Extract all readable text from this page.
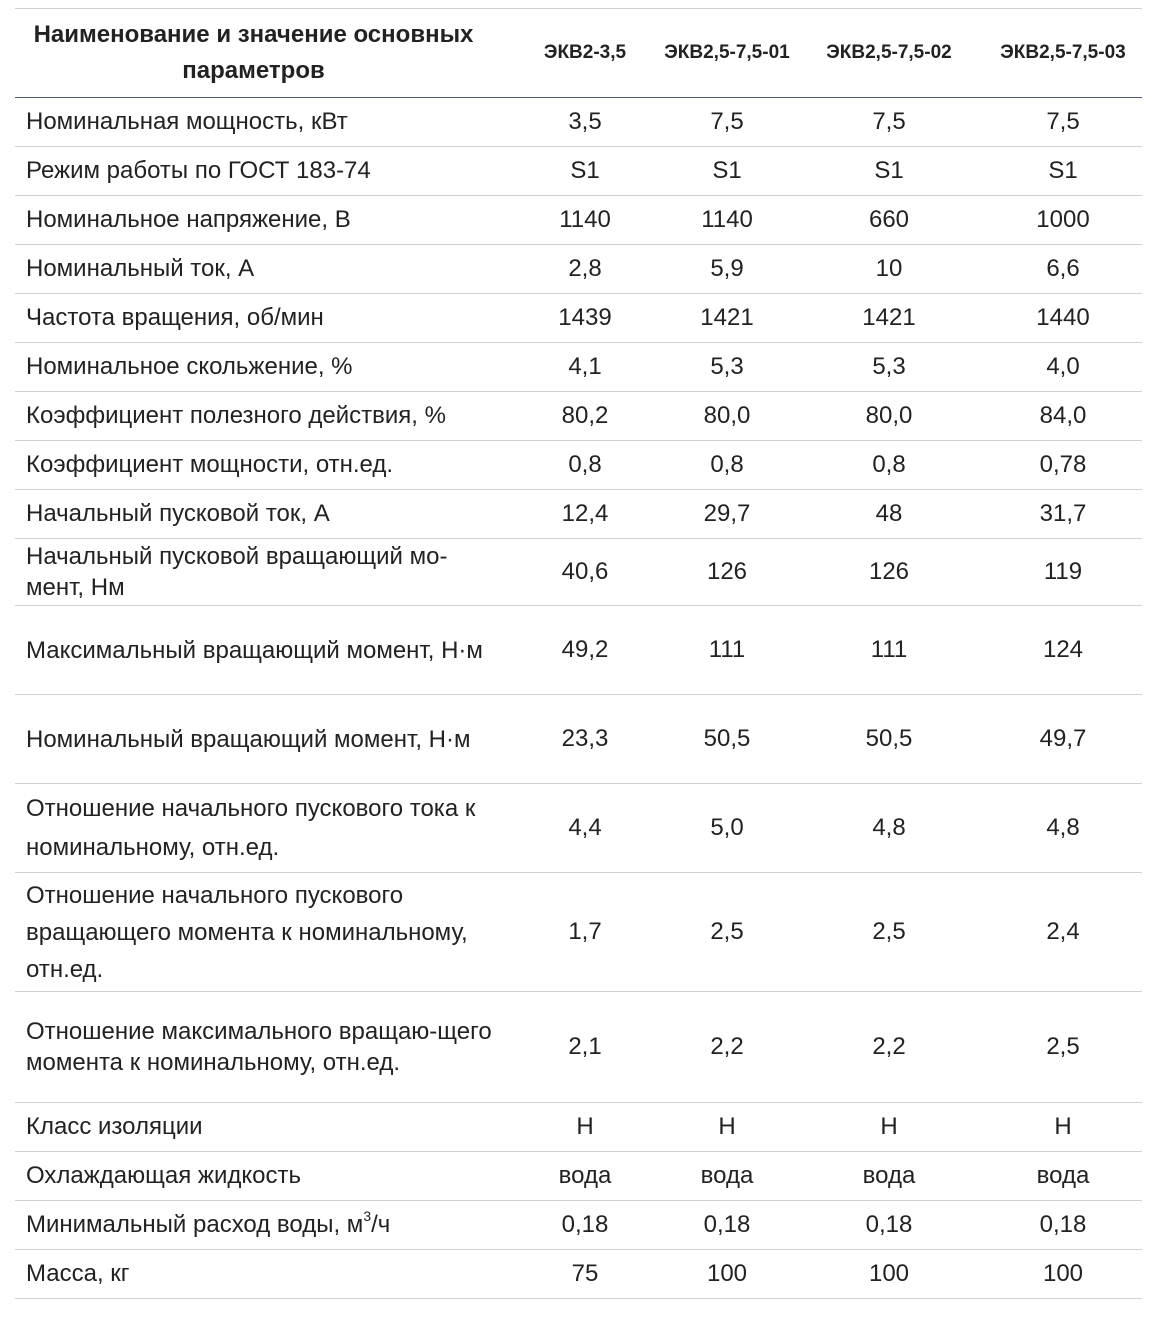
Наименование и значение основных параметров	ЭКВ2-3,5	ЭКВ2,5-7,5-01	ЭКВ2,5-7,5-02	ЭКВ2,5-7,5-03
Номинальная мощность, кВт	3,5	7,5	7,5	7,5
Режим работы по ГОСТ 183-74	S1	S1	S1	S1
Номинальное напряжение, В	1140	1140	660	1000
Номинальный ток, А	2,8	5,9	10	6,6
Частота вращения, об/мин	1439	1421	1421	1440
Номинальное скольжение, %	4,1	5,3	5,3	4,0
Коэффициент полезного действия, %	80,2	80,0	80,0	84,0
Коэффициент мощности, отн.ед.	0,8	0,8	0,8	0,78
Начальный пусковой ток, А	12,4	29,7	48	31,7
Начальный пусковой вращающий мо-мент, Нм	40,6	126	126	119
Максимальный вращающий момент, Н·м	49,2	111	111	124
Номинальный вращающий момент, Н·м	23,3	50,5	50,5	49,7
Отношение начального пускового тока к номинальному, отн.ед.	4,4	5,0	4,8	4,8
Отношение начального пускового вращающего момента к номинальному, отн.ед.	1,7	2,5	2,5	2,4
Отношение максимального вращаю-щего момента к номинальному, отн.ед.	2,1	2,2	2,2	2,5
Класс изоляции	H	H	H	H
Охлаждающая жидкость	вода	вода	вода	вода
Минимальный расход воды, $м^3/ч$	0,18	0,18	0,18	0,18
Масса, кг	75	100	100	100
